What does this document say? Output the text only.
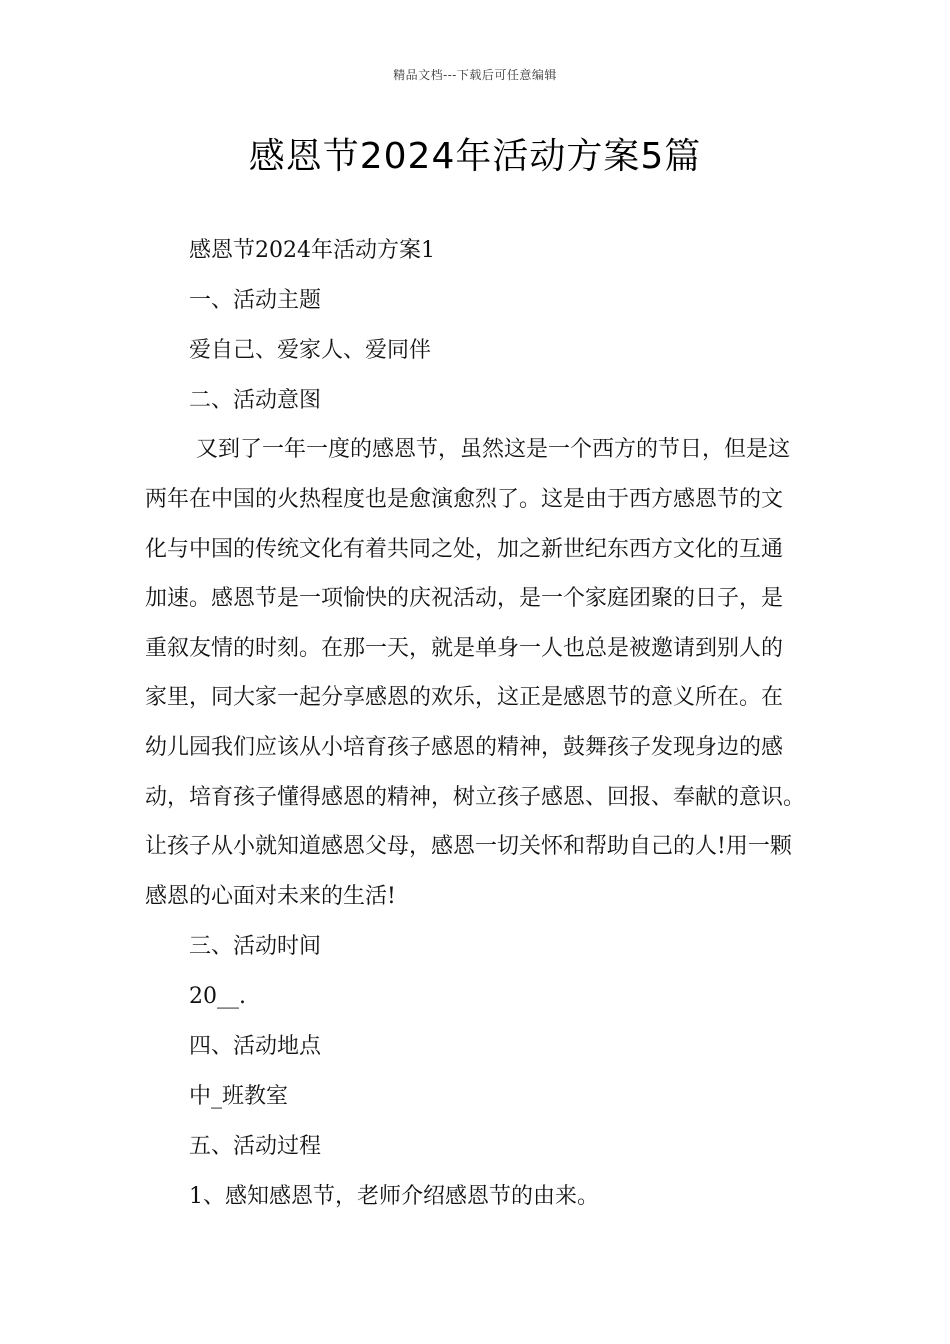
精品文档---下载后可任意编辑
感恩节2024年活动方案5篇
感恩节2024年活动方案1
一、活动主题
爱自己、爱家人、爱同伴
二、活动意图
又到了一年一度的感恩节，虽然这是一个西方的节日，但是这
两年在中国的火热程度也是愈演愈烈了。这是由于西方感恩节的文
化与中国的传统文化有着共同之处，加之新世纪东西方文化的互通
加速。感恩节是一项愉快的庆祝活动，是一个家庭团聚的日子，是
重叙友情的时刻。在那一天，就是单身一人也总是被邀请到别人的
家里，同大家一起分享感恩的欢乐，这正是感恩节的意义所在。在
幼儿园我们应该从小培育孩子感恩的精神，鼓舞孩子发现身边的感
动，培育孩子懂得感恩的精神，树立孩子感恩、回报、奉献的意识。
让孩子从小就知道感恩父母，感恩一切关怀和帮助自己的人!用一颗
感恩的心面对未来的生活!
三、活动时间
20__.
四、活动地点
中_班教室
五、活动过程
1、感知感恩节，老师介绍感恩节的由来。
